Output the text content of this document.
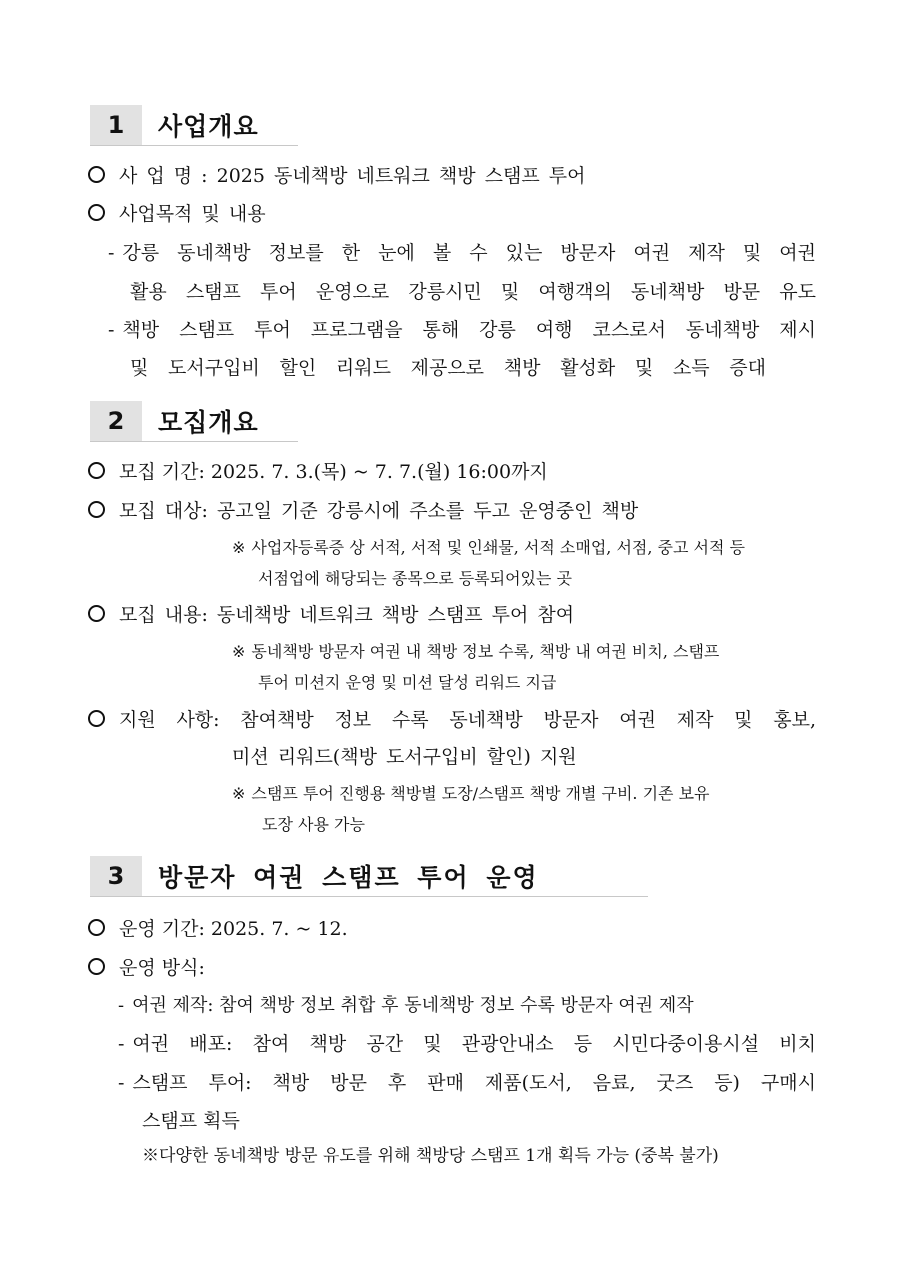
1	사업개요
사 업 명 : 2025 동네책방 네트워크 책방 스탬프 투어
사업목적 및 내용
- 강릉 동네책방 정보를 한 눈에 볼 수 있는 방문자 여권 제작 및 여권
활용 스탬프 투어 운영으로 강릉시민 및 여행객의 동네책방 방문 유도
- 책방 스탬프 투어 프로그램을 통해 강릉 여행 코스로서 동네책방 제시
및 도서구입비 할인 리워드 제공으로 책방 활성화 및 소득 증대
2	모집개요
모집 기간: 2025. 7. 3.(목) ~ 7. 7.(월) 16:00까지
모집 대상: 공고일 기준 강릉시에 주소를 두고 운영중인 책방
※ 사업자등록증 상 서적, 서적 및 인쇄물, 서적 소매업, 서점, 중고 서적 등
서점업에 해당되는 종목으로 등록되어있는 곳
모집 내용: 동네책방 네트워크 책방 스탬프 투어 참여
※ 동네책방 방문자 여권 내 책방 정보 수록, 책방 내 여권 비치, 스탬프
투어 미션지 운영 및 미션 달성 리워드 지급
지원 사항: 참여책방 정보 수록 동네책방 방문자 여권 제작 및 홍보,
미션 리워드(책방 도서구입비 할인) 지원
※ 스탬프 투어 진행용 책방별 도장/스탬프 책방 개별 구비. 기존 보유
도장 사용 가능
3	방문자 여권 스탬프 투어 운영
운영 기간: 2025. 7. ~ 12.
운영 방식:
- 여권 제작: 참여 책방 정보 취합 후 동네책방 정보 수록 방문자 여권 제작
- 여권 배포: 참여 책방 공간 및 관광안내소 등 시민다중이용시설 비치
- 스탬프 투어: 책방 방문 후 판매 제품(도서, 음료, 굿즈 등) 구매시
스탬프 획득
※다양한 동네책방 방문 유도를 위해 책방당 스탬프 1개 획득 가능 (중복 불가)
